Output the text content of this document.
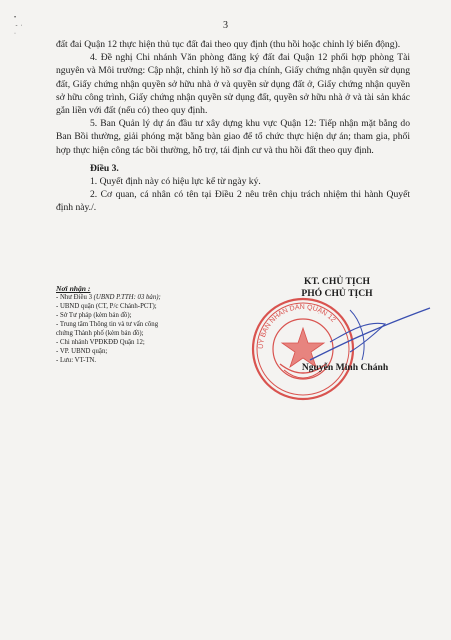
•
-  ·
·
3

đất đai Quận 12 thực hiện thủ tục đất đai theo quy định (thu hồi hoặc chỉnh lý biến động).

4. Đề nghị Chi nhánh Văn phòng đăng ký đất đai Quận 12 phối hợp phòng Tài nguyên và Môi trường: Cập nhật, chỉnh lý hồ sơ địa chính, Giấy chứng nhận quyền sử dụng đất, Giấy chứng nhận quyền sở hữu nhà ở và quyền sử dụng đất ở, Giấy chứng nhận quyền sở hữu công trình, Giấy chứng nhận quyền sử dụng đất, quyền sở hữu nhà ở và tài sản khác gắn liền với đất (nếu có) theo quy định.

5. Ban Quản lý dự án đầu tư xây dựng khu vực Quận 12: Tiếp nhận mặt bằng do Ban Bồi thường, giải phóng mặt bằng bàn giao để tổ chức thực hiện dự án; tham gia, phối hợp thực hiện công tác bồi thường, hỗ trợ, tái định cư và thu hồi đất theo quy định.

Điều 3.

1. Quyết định này có hiệu lực kể từ ngày ký.

2. Cơ quan, cá nhân có tên tại Điều 2 nêu trên chịu trách nhiệm thi hành Quyết định này./.

Nơi nhận :
- Như Điều 3 (UBND P.TTH: 03 bản);
- UBND quận (CT, P/c Chánh-PCT);
- Sở Tư pháp (kèm bản đồ);
- Trung tâm Thông tin và tư vấn công
chứng Thành phố (kèm bản đồ);
- Chi nhánh VPĐKĐĐ Quận 12;
- VP. UBND quận;
- Lưu: VT-TN.
KT. CHỦ TỊCH
PHÓ CHỦ TỊCH
ỦY BAN NHÂN DÂN QUẬN 12
Nguyễn Minh Chánh
